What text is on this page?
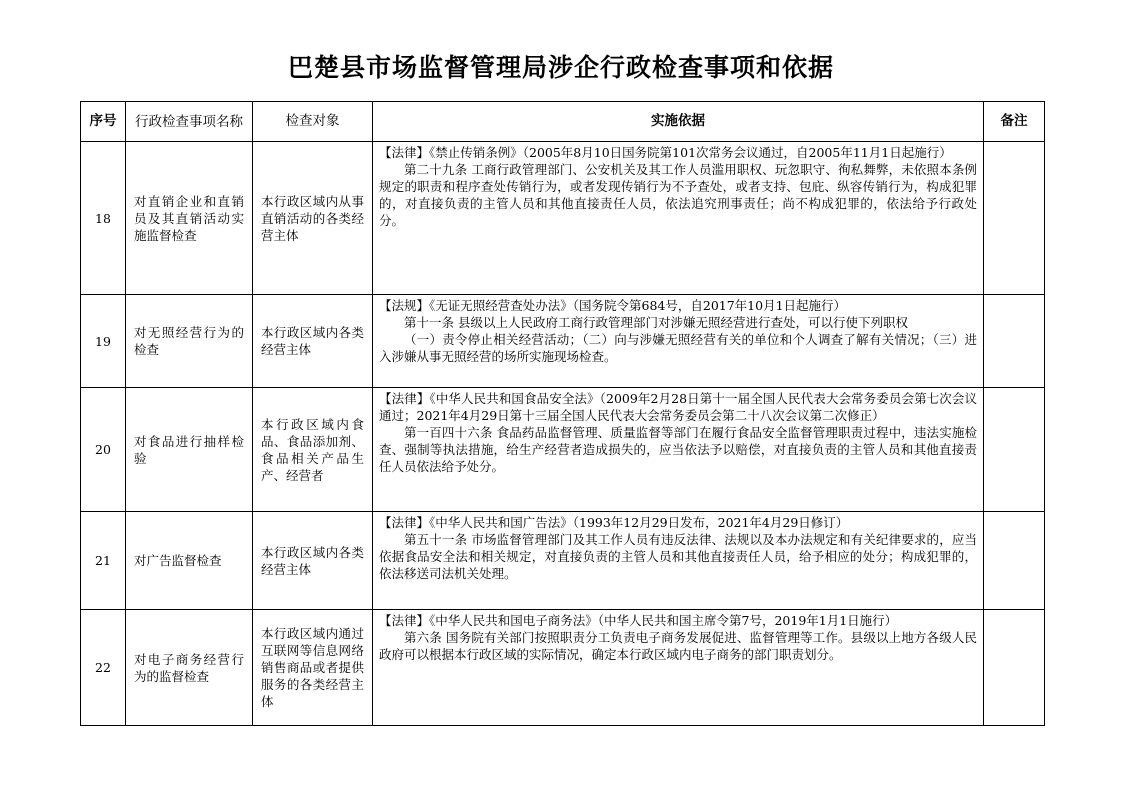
巴楚县市场监督管理局涉企行政检查事项和依据
序号	行政检查事项名称	检查对象	实施依据	备注
18	对直销企业和直销员及其直销活动实施监督检查	本行政区域内从事直销活动的各类经营主体	【法律】《禁止传销条例》（2005年8月10日国务院第101次常务会议通过，自2005年11月1日起施行）

第二十九条 工商行政管理部门、公安机关及其工作人员滥用职权、玩忽职守、徇私舞弊，未依照本条例规定的职责和程序查处传销行为，或者发现传销行为不予查处，或者支持、包庇、纵容传销行为，构成犯罪的，对直接负责的主管人员和其他直接责任人员，依法追究刑事责任；尚不构成犯罪的，依法给予行政处分。	

19	对无照经营行为的检查	本行政区域内各类经营主体	【法规】《无证无照经营查处办法》（国务院令第684号，自2017年10月1日起施行）

第十一条 县级以上人民政府工商行政管理部门对涉嫌无照经营进行查处，可以行使下列职权

（一）责令停止相关经营活动；（二）向与涉嫌无照经营有关的单位和个人调查了解有关情况；（三）进入涉嫌从事无照经营的场所实施现场检查。	

20	对食品进行抽样检验	本行政区域内食品、食品添加剂、食品相关产品生产、经营者	【法律】《中华人民共和国食品安全法》（2009年2月28日第十一届全国人民代表大会常务委员会第七次会议通过；2021年4月29日第十三届全国人民代表大会常务委员会第二十八次会议第二次修正）

第一百四十六条 食品药品监督管理、质量监督等部门在履行食品安全监督管理职责过程中，违法实施检查、强制等执法措施，给生产经营者造成损失的，应当依法予以赔偿，对直接负责的主管人员和其他直接责任人员依法给予处分。	

21	对广告监督检查	本行政区域内各类经营主体	【法律】《中华人民共和国广告法》（1993年12月29日发布，2021年4月29日修订）

第五十一条 市场监督管理部门及其工作人员有违反法律、法规以及本办法规定和有关纪律要求的，应当依据食品安全法和相关规定，对直接负责的主管人员和其他直接责任人员，给予相应的处分；构成犯罪的，依法移送司法机关处理。	

22	对电子商务经营行为的监督检查	本行政区域内通过互联网等信息网络销售商品或者提供服务的各类经营主体	【法律】《中华人民共和国电子商务法》（中华人民共和国主席令第7号，2019年1月1日施行）

第六条 国务院有关部门按照职责分工负责电子商务发展促进、监督管理等工作。县级以上地方各级人民政府可以根据本行政区域的实际情况，确定本行政区域内电子商务的部门职责划分。	
